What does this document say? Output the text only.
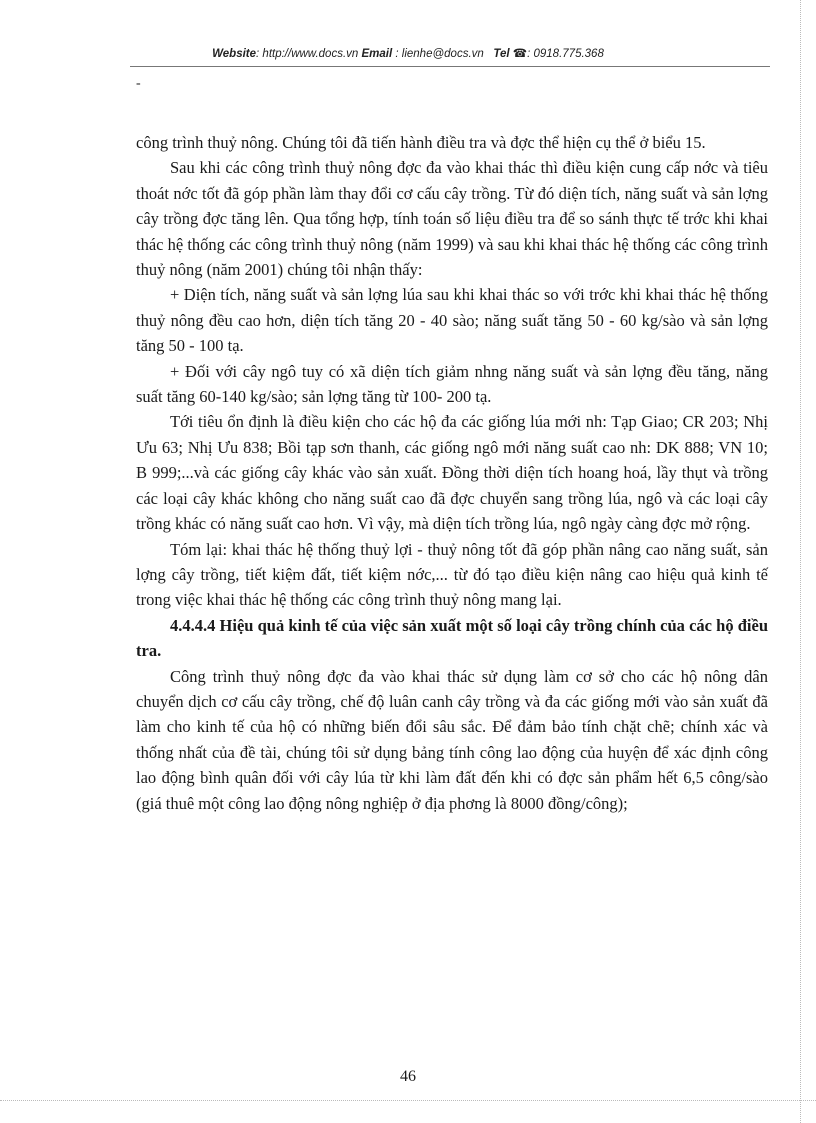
Website: http://www.docs.vn Email : lienhe@docs.vn Tel ☎: 0918.775.368
-

công trình thuỷ nông. Chúng tôi đã tiến hành điều tra và đợc thể hiện cụ thể ở biểu 15.

Sau khi các công trình thuỷ nông đợc đa vào khai thác thì điều kiện cung cấp nớc và tiêu thoát nớc tốt đã góp phần làm thay đổi cơ cấu cây trồng. Từ đó diện tích, năng suất và sản lợng cây trồng đợc tăng lên. Qua tổng hợp, tính toán số liệu điều tra để so sánh thực tế trớc khi khai thác hệ thống các công trình thuỷ nông (năm 1999) và sau khi khai thác hệ thống các công trình thuỷ nông (năm 2001) chúng tôi nhận thấy:

+ Diện tích, năng suất và sản lợng lúa sau khi khai thác so với trớc khi khai thác hệ thống thuỷ nông đều cao hơn, diện tích tăng 20 - 40 sào; năng suất tăng 50 - 60 kg/sào và sản lợng tăng 50 - 100 tạ.

+ Đối với cây ngô tuy có xã diện tích giảm nhng năng suất và sản lợng đều tăng, năng suất tăng 60-140 kg/sào; sản lợng tăng từ 100- 200 tạ.

Tới tiêu ổn định là điều kiện cho các hộ đa các giống lúa mới nh: Tạp Giao; CR 203; Nhị Ưu 63; Nhị Ưu 838; Bồi tạp sơn thanh, các giống ngô mới năng suất cao nh: DK 888; VN 10; B 999;...và các giống cây khác vào sản xuất. Đồng thời diện tích hoang hoá, lầy thụt và trồng các loại cây khác không cho năng suất cao đã đợc chuyển sang trồng lúa, ngô và các loại cây trồng khác có năng suất cao hơn. Vì vậy, mà diện tích trồng lúa, ngô ngày càng đợc mở rộng.

Tóm lại: khai thác hệ thống thuỷ lợi - thuỷ nông tốt đã góp phần nâng cao năng suất, sản lợng cây trồng, tiết kiệm đất, tiết kiệm nớc,... từ đó tạo điều kiện nâng cao hiệu quả kinh tế trong việc khai thác hệ thống các công trình thuỷ nông mang lại.

4.4.4.4 Hiệu quả kinh tế của việc sản xuất một số loại cây trồng chính của các hộ điều tra.

Công trình thuỷ nông đợc đa vào khai thác sử dụng làm cơ sở cho các hộ nông dân chuyển dịch cơ cấu cây trồng, chế độ luân canh cây trồng và đa các giống mới vào sản xuất đã làm cho kinh tế của hộ có những biến đổi sâu sắc. Để đảm bảo tính chặt chẽ; chính xác và thống nhất của đề tài, chúng tôi sử dụng bảng tính công lao động của huyện để xác định công lao động bình quân đối với cây lúa từ khi làm đất đến khi có đợc sản phẩm hết 6,5 công/sào (giá thuê một công lao động nông nghiệp ở địa phơng là 8000 đồng/công);

46
